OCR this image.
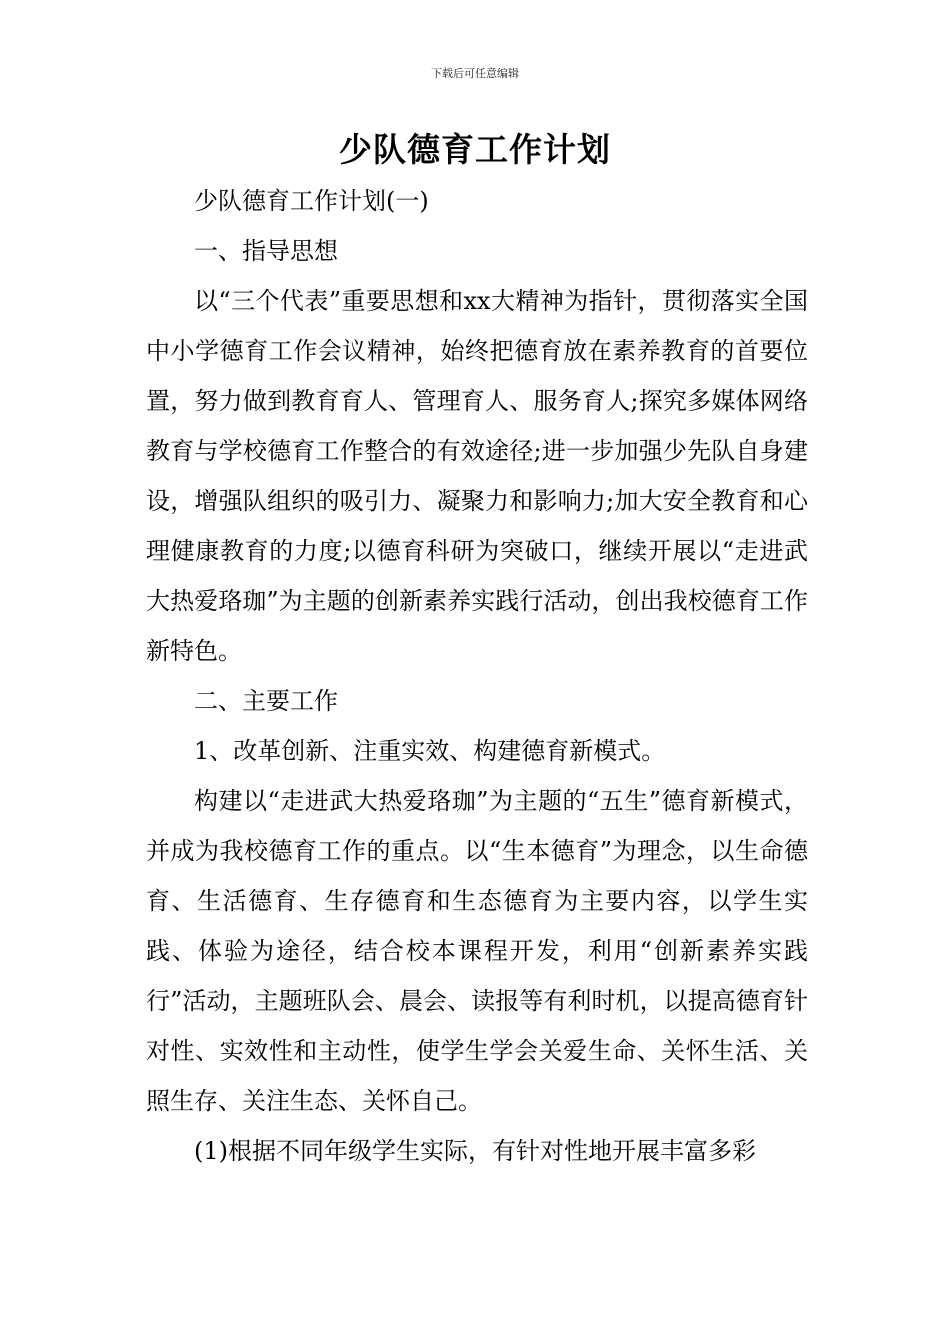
下载后可任意编辑
少队德育工作计划

少队德育工作计划(一)

一、指导思想

以“三个代表”重要思想和xx大精神为指针，贯彻落实全国中小学德育工作会议精神，始终把德育放在素养教育的首要位置，努力做到教育育人、管理育人、服务育人;探究多媒体网络教育与学校德育工作整合的有效途径;进一步加强少先队自身建设，增强队组织的吸引力、凝聚力和影响力;加大安全教育和心理健康教育的力度;以德育科研为突破口，继续开展以“走进武大热爱珞珈”为主题的创新素养实践行活动，创出我校德育工作新特色。

二、主要工作

1、改革创新、注重实效、构建德育新模式。

构建以“走进武大热爱珞珈”为主题的“五生”德育新模式，并成为我校德育工作的重点。以“生本德育”为理念，以生命德育、生活德育、生存德育和生态德育为主要内容，以学生实践、体验为途径，结合校本课程开发，利用“创新素养实践行”活动，主题班队会、晨会、读报等有利时机，以提高德育针对性、实效性和主动性，使学生学会关爱生命、关怀生活、关照生存、关注生态、关怀自己。

(1)根据不同年级学生实际，有针对性地开展丰富多彩
